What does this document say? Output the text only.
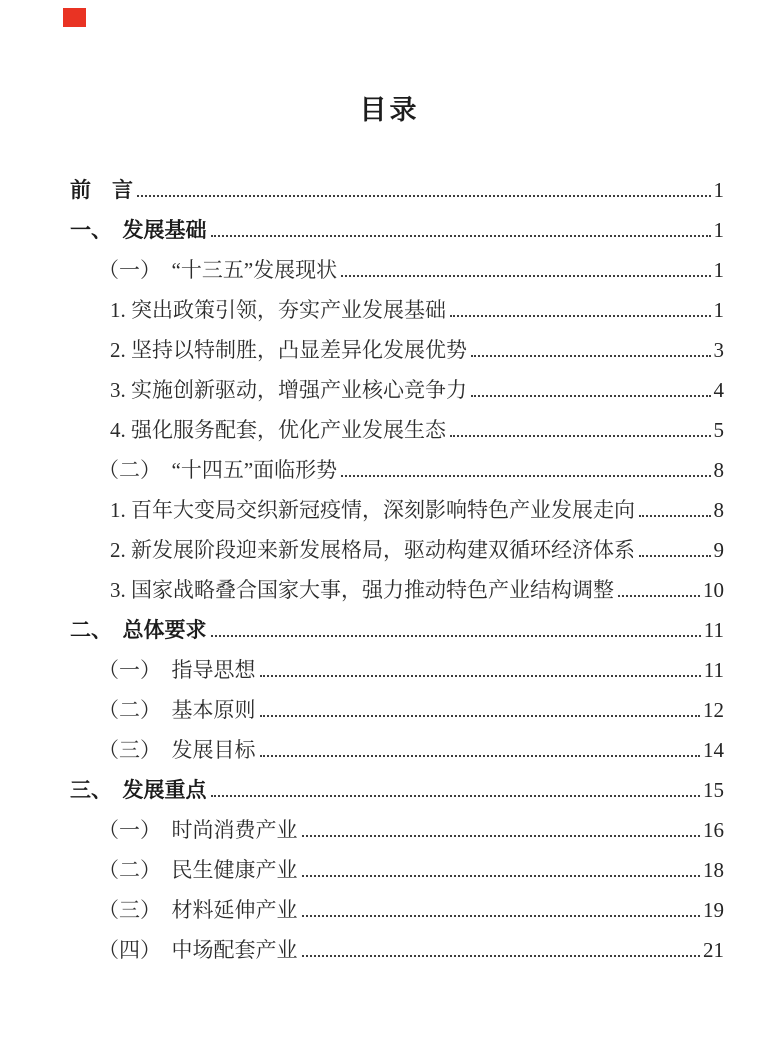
目录
前　言	1
一、　发展基础	1
（一）　“十三五”发展现状	1
1. 突出政策引领，夯实产业发展基础	1
2. 坚持以特制胜，凸显差异化发展优势	3
3. 实施创新驱动，增强产业核心竞争力	4
4. 强化服务配套，优化产业发展生态	5
（二）　“十四五”面临形势	8
1. 百年大变局交织新冠疫情，深刻影响特色产业发展走向	8
2. 新发展阶段迎来新发展格局，驱动构建双循环经济体系	9
3. 国家战略叠合国家大事，强力推动特色产业结构调整	10
二、　总体要求	11
（一）　指导思想	11
（二）　基本原则	12
（三）　发展目标	14
三、　发展重点	15
（一）　时尚消费产业	16
（二）　民生健康产业	18
（三）　材料延伸产业	19
（四）　中场配套产业	21
